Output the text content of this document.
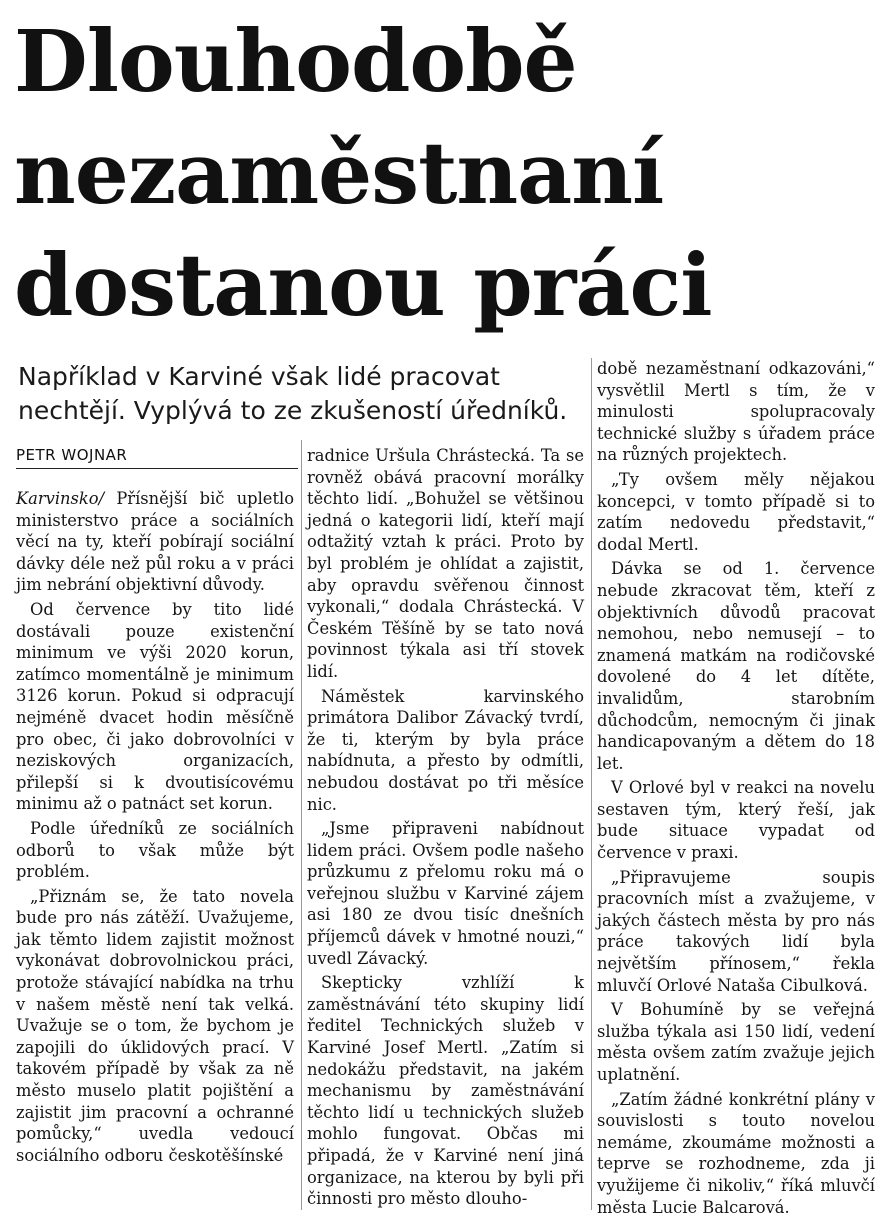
Dlouhodobě
nezaměstnaní
dostanou práci
Například v Karviné však lidé pracovat
nechtějí. Vyplývá to ze zkušeností úředníků.
PETR WOJNAR

Karvinsko/ Přísnější bič upletlo ministerstvo práce a sociálních věcí na ty, kteří pobírají sociální dávky déle než půl roku a v práci jim nebrání objektivní důvody.

Od července by tito lidé dostávali pouze existenční minimum ve výši 2020 korun, zatímco momentálně je minimum 3126 korun. Pokud si odpracují nejméně dvacet hodin měsíčně pro obec, či jako dobrovolníci v neziskových organizacích, přilepší si k dvoutisícovému minimu až o patnáct set korun.

Podle úředníků ze sociálních odborů to však může být problém.

„Přiznám se, že tato novela bude pro nás zátěží. Uvažujeme, jak těmto lidem zajistit možnost vykonávat dobrovolnickou práci, protože stávající nabídka na trhu v našem městě není tak velká. Uvažuje se o tom, že bychom je zapojili do úklidových prací. V takovém případě by však za ně město muselo platit pojištění a zajistit jim pracovní a ochranné pomůcky,“ uvedla vedoucí sociálního odboru českotěšínské

radnice Uršula Chrástecká. Ta se rovněž obává pracovní morálky těchto lidí. „Bohužel se většinou jedná o kategorii lidí, kteří mají odtažitý vztah k práci. Proto by byl problém je ohlídat a zajistit, aby opravdu svěřenou činnost vykonali,“ dodala Chrástecká. V Českém Těšíně by se tato nová povinnost týkala asi tří stovek lidí.

Náměstek karvinského primátora Dalibor Závacký tvrdí, že ti, kterým by byla práce nabídnuta, a přesto by odmítli, nebudou dostávat po tři měsíce nic.

„Jsme připraveni nabídnout lidem práci. Ovšem podle našeho průzkumu z přelomu roku má o veřejnou službu v Karviné zájem asi 180 ze dvou tisíc dnešních příjemců dávek v hmotné nouzi,“ uvedl Závacký.

Skepticky vzhlíží k zaměstnávání této skupiny lidí ředitel Technických služeb v Karviné Josef Mertl. „Zatím si nedokážu představit, na jakém mechanismu by zaměstnávání těchto lidí u technických služeb mohlo fungovat. Občas mi připadá, že v Karviné není jiná organizace, na kterou by byli při činnosti pro město dlouho-

době nezaměstnaní odkazováni,“ vysvětlil Mertl s tím, že v minulosti spolupracovaly technické služby s úřadem práce na různých projektech.

„Ty ovšem měly nějakou koncepci, v tomto případě si to zatím nedovedu představit,“ dodal Mertl.

Dávka se od 1. července nebude zkracovat těm, kteří z objektivních důvodů pracovat nemohou, nebo nemusejí – to znamená matkám na rodičovské dovolené do 4 let dítěte, invalidům, starobním důchodcům, nemocným či jinak handicapovaným a dětem do 18 let.

V Orlové byl v reakci na novelu sestaven tým, který řeší, jak bude situace vypadat od července v praxi.

„Připravujeme soupis pracovních míst a zvažujeme, v jakých částech města by pro nás práce takových lidí byla největším přínosem,“ řekla mluvčí Orlové Nataša Cibulková.

V Bohumíně by se veřejná služba týkala asi 150 lidí, vedení města ovšem zatím zvažuje jejich uplatnění.

„Zatím žádné konkrétní plány v souvislosti s touto novelou nemáme, zkoumáme možnosti a teprve se rozhodneme, zda ji využijeme či nikoliv,“ říká mluvčí města Lucie Balcarová.
